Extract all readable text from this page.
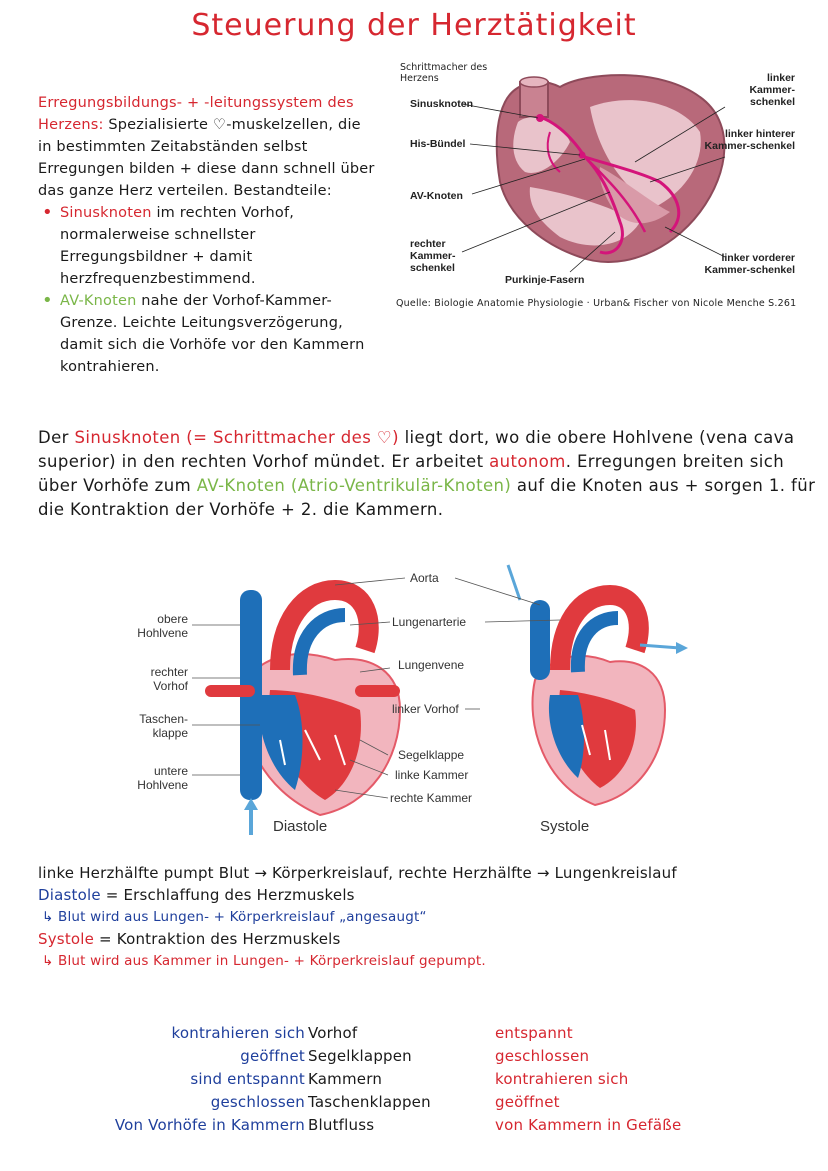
Steuerung der Herztätigkeit
Erregungsbildungs- + -leitungssystem des Herzens: Spezialisierte ♡-muskelzellen, die in bestimmten Zeitabständen selbst Erregungen bilden + diese dann schnell über das ganze Herz verteilen. Bestandteile:
• Sinusknoten im rechten Vorhof, normalerweise schnellster Erregungsbildner + damit herzfrequenzbestimmend.
• AV-Knoten nahe der Vorhof-Kammer-Grenze. Leichte Leitungsverzögerung, damit sich die Vorhöfe vor den Kammern kontrahieren.
Schrittmacher des Herzens
Sinusknoten
His-Bündel
AV-Knoten
rechter Kammer-schenkel
Purkinje-Fasern
linker Kammer-schenkel
linker hinterer Kammer-schenkel
linker vorderer Kammer-schenkel
Quelle: Biologie Anatomie Physiologie · Urban& Fischer von Nicole Menche S.261
Der Sinusknoten (= Schrittmacher des ♡) liegt dort, wo die obere Hohlvene (vena cava superior) in den rechten Vorhof mündet. Er arbeitet autonom. Erregungen breiten sich über Vorhöfe zum AV-Knoten (Atrio-Ventrikulär-Knoten) auf die Knoten aus + sorgen 1. für die Kontraktion der Vorhöfe + 2. die Kammern.
obere Hohlvene
rechter Vorhof
Taschen-klappe
untere Hohlvene
Aorta
Lungenarterie
Lungenvene
linker Vorhof
Segelklappe
linke Kammer
rechte Kammer
Diastole	Systole
linke Herzhälfte pumpt Blut → Körperkreislauf, rechte Herzhälfte → Lungenkreislauf
Diastole = Erschlaffung des Herzmuskels
↳ Blut wird aus Lungen- + Körperkreislauf „angesaugt“
Systole = Kontraktion des Herzmuskels
↳ Blut wird aus Kammer in Lungen- + Körperkreislauf gepumpt.
kontrahieren sich
geöffnet
sind entspannt
geschlossen
Von Vorhöfe in Kammern
Vorhof
Segelklappen
Kammern
Taschenklappen
Blutfluss
entspannt
geschlossen
kontrahieren sich
geöffnet
von Kammern in Gefäße
